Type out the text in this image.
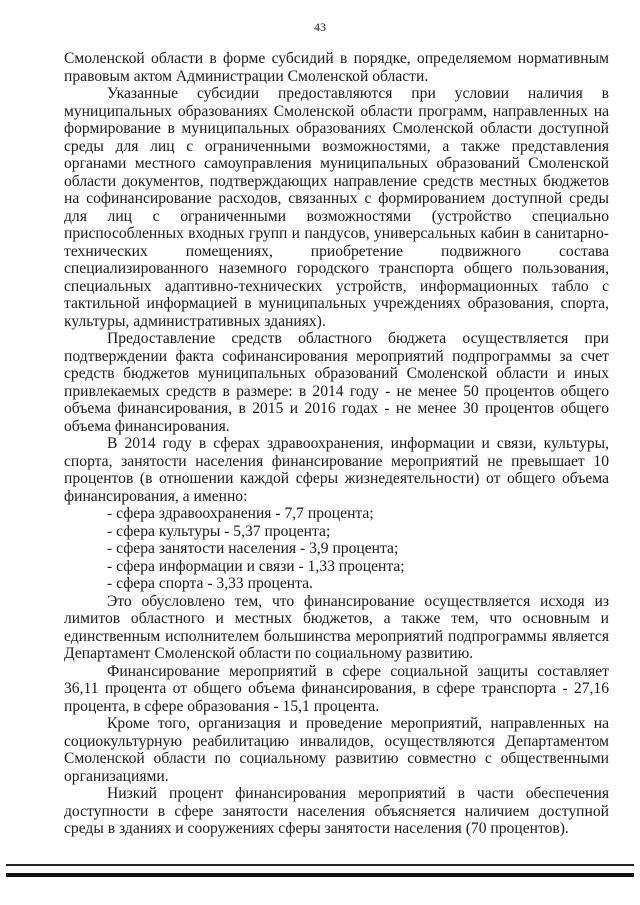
43

Смоленской области в форме субсидий в порядке, определяемом нормативным правовым актом Администрации Смоленской области.

Указанные субсидии предоставляются при условии наличия в муниципальных образованиях Смоленской области программ, направленных на формирование в муниципальных образованиях Смоленской области доступной среды для лиц с ограниченными возможностями, а также представления органами местного самоуправления муниципальных образований Смоленской области документов, подтверждающих направление средств местных бюджетов на софинансирование расходов, связанных с формированием доступной среды для лиц с ограниченными возможностями (устройство специально приспособленных входных групп и пандусов, универсальных кабин в санитарно-технических помещениях, приобретение подвижного состава специализированного наземного городского транспорта общего пользования, специальных адаптивно-технических устройств, информационных табло с тактильной информацией в муниципальных учреждениях образования, спорта, культуры, административных зданиях).

Предоставление средств областного бюджета осуществляется при подтверждении факта софинансирования мероприятий подпрограммы за счет средств бюджетов муниципальных образований Смоленской области и иных привлекаемых средств в размере: в 2014 году - не менее 50 процентов общего объема финансирования, в 2015 и 2016 годах - не менее 30 процентов общего объема финансирования.

В 2014 году в сферах здравоохранения, информации и связи, культуры, спорта, занятости населения финансирование мероприятий не превышает 10 процентов (в отношении каждой сферы жизнедеятельности) от общего объема финансирования, а именно:

- сфера здравоохранения - 7,7 процента;
- сфера культуры - 5,37 процента;
- сфера занятости населения - 3,9 процента;
- сфера информации и связи - 1,33 процента;
- сфера спорта - 3,33 процента.

Это обусловлено тем, что финансирование осуществляется исходя из лимитов областного и местных бюджетов, а также тем, что основным и единственным исполнителем большинства мероприятий подпрограммы является Департамент Смоленской области по социальному развитию.

Финансирование мероприятий в сфере социальной защиты составляет 36,11 процента от общего объема финансирования, в сфере транспорта - 27,16 процента, в сфере образования - 15,1 процента.

Кроме того, организация и проведение мероприятий, направленных на социокультурную реабилитацию инвалидов, осуществляются Департаментом Смоленской области по социальному развитию совместно с общественными организациями.

Низкий процент финансирования мероприятий в части обеспечения доступности в сфере занятости населения объясняется наличием доступной среды в зданиях и сооружениях сферы занятости населения (70 процентов).
